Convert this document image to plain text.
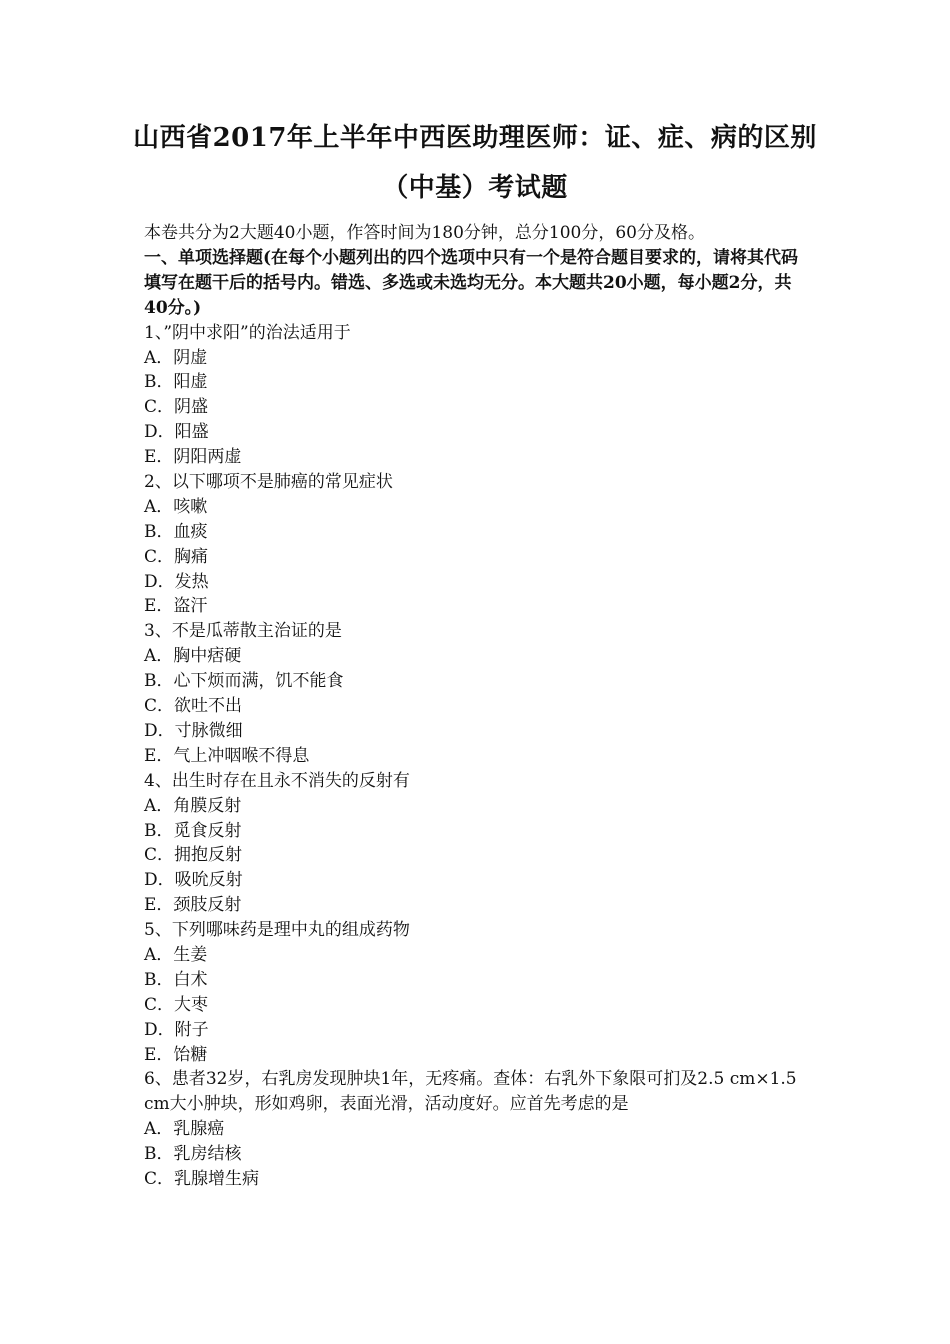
山西省2017年上半年中西医助理医师：证、症、病的区别
（中基）考试题
本卷共分为2大题40小题，作答时间为180分钟，总分100分，60分及格。
一、单项选择题(在每个小题列出的四个选项中只有一个是符合题目要求的，请将其代码填写在题干后的括号内。错选、多选或未选均无分。本大题共20小题，每小题2分，共40分。)
1、”阴中求阳”的治法适用于
A．阴虚
B．阳虚
C．阴盛
D．阳盛
E．阴阳两虚
2、以下哪项不是肺癌的常见症状
A．咳嗽
B．血痰
C．胸痛
D．发热
E．盗汗
3、不是瓜蒂散主治证的是
A．胸中痞硬
B．心下烦而满，饥不能食
C．欲吐不出
D．寸脉微细
E．气上冲咽喉不得息
4、出生时存在且永不消失的反射有
A．角膜反射
B．觅食反射
C．拥抱反射
D．吸吮反射
E．颈肢反射
5、下列哪味药是理中丸的组成药物
A．生姜
B．白术
C．大枣
D．附子
E．饴糖
6、患者32岁，右乳房发现肿块1年，无疼痛。查体：右乳外下象限可扪及2.5 cm×1.5 cm大小肿块，形如鸡卵，表面光滑，活动度好。应首先考虑的是
A．乳腺癌
B．乳房结核
C．乳腺增生病
